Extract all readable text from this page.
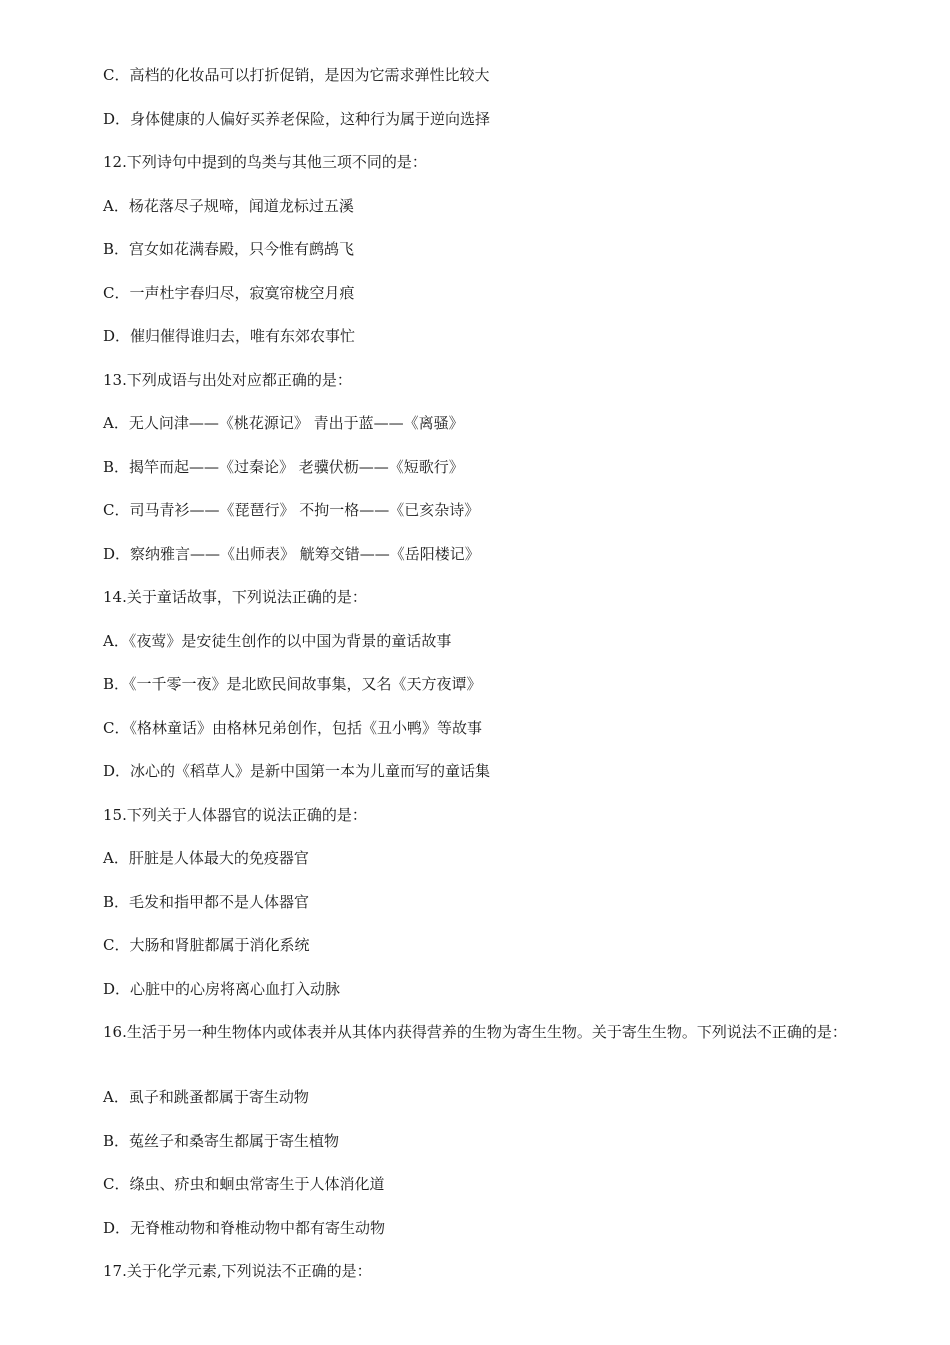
C．高档的化妆品可以打折促销，是因为它需求弹性比较大
D．身体健康的人偏好买养老保险，这种行为属于逆向选择
12.下列诗句中提到的鸟类与其他三项不同的是：
A．杨花落尽子规啼，闻道龙标过五溪
B．宫女如花满春殿，只今惟有鹧鸪飞
C．一声杜宇春归尽，寂寞帘栊空月痕
D．催归催得谁归去，唯有东郊农事忙
13.下列成语与出处对应都正确的是：
A．无人问津——《桃花源记》 青出于蓝——《离骚》
B．揭竿而起——《过秦论》 老骥伏枥——《短歌行》
C．司马青衫——《琵琶行》 不拘一格——《已亥杂诗》
D．察纳雅言——《出师表》 觥筹交错——《岳阳楼记》
14.关于童话故事，下列说法正确的是：
A．《夜莺》是安徒生创作的以中国为背景的童话故事
B．《一千零一夜》是北欧民间故事集，又名《天方夜谭》
C．《格林童话》由格林兄弟创作，包括《丑小鸭》等故事
D．冰心的《稻草人》是新中国第一本为儿童而写的童话集
15.下列关于人体器官的说法正确的是：
A．肝脏是人体最大的免疫器官
B．毛发和指甲都不是人体器官
C．大肠和肾脏都属于消化系统
D．心脏中的心房将离心血打入动脉
16.生活于另一种生物体内或体表并从其体内获得营养的生物为寄生生物。关于寄生生物。下列说法不正确的是：
A．虱子和跳蚤都属于寄生动物
B．菟丝子和桑寄生都属于寄生植物
C．绦虫、疥虫和蛔虫常寄生于人体消化道
D．无脊椎动物和脊椎动物中都有寄生动物
17.关于化学元素,下列说法不正确的是：
